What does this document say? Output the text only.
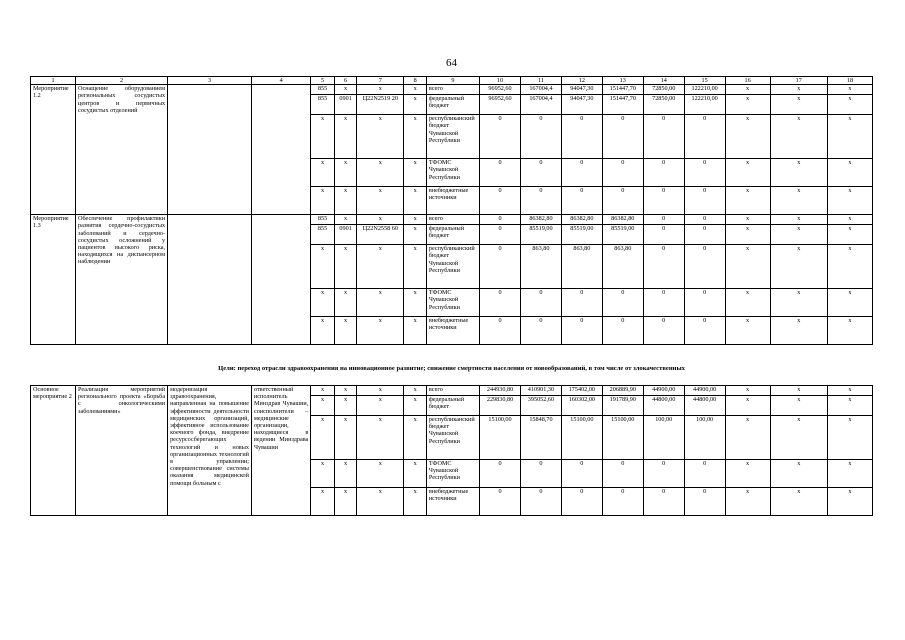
64
1	2	3	4	5	6	7	8	9	10	11	12	13	14	15	16	17	18
Мероприятие 1.2	Оснащение оборудованием региональных сосудистых центров и первичных сосудистых отделений			855	х	х	х	всего	96952,60	167004,4	94047,30	151447,70	72850,00	122210,00	х	х	х
				855	0901	Ц22N2519 20	х	федеральный бюджет	96952,60	167004,4	94047,30	151447,70	72850,00	122210,00	х	х	х
				х	х	х	х	республиканский бюджет Чувашской Республики	0	0	0	0	0	0	х	х	х
				х	х	х	х	ТФОМС Чувашской Республики	0	0	0	0	0	0	х	х	х
				х	х	х	х	внебюджетные источники	0	0	0	0	0	0	х	х	х
Мероприятие 1.3	Обеспечение профилактики развития сердечно-сосудистых заболеваний и сердечно-сосудистых осложнений у пациентов высокого риска, находящихся на диспансерном наблюдении			855	х	х	х	всего	0	86382,80	86382,80	86382,80	0	0	х	х	х
				855	0901	Ц22N2558 60	х	федеральный бюджет	0	85519,00	85519,00	85519,00	0	0	х	х	х
				х	х	х	х	республиканский бюджет Чувашской Республики	0	863,80	863,80	863,80	0	0	х	х	х
				х	х	х	х	ТФОМС Чувашской Республики	0	0	0	0	0	0	х	х	х
				х	х	х	х	внебюджетные источники	0	0	0	0	0	0	х	х	х
Цели: переход отрасли здравоохранения на инновационное развитие; снижение смертности населения от новообразований, в том числе от злокачественных
Основное мероприятие 2	Реализация мероприятий регионального проекта «Борьба с онкологическими заболеваниями»	модернизация здравоохранения, направленная на повышение эффективности деятельности медицинских организаций, эффективное использование коечного фонда, внедрение ресурсосберегающих технологий и новых организационных технологий в управлении; совершенствование системы оказания медицинской помощи больным с	ответственный исполнитель Минздрав Чувашии, соисполнители – медицинские организации, находящиеся в ведении Минздрава Чувашии	х	х	х	х	всего	244930,80	410901,30	175402,00	206889,90	44900,00	44900,00	х	х	х
				х	х	х	х	федеральный бюджет	229830,80	395052,60	160302,00	191789,90	44800,00	44800,00	х	х	х
				х	х	х	х	республиканский бюджет Чувашской Республики	15100,00	15848,70	15100,00	15100,00	100,00	100,00	х	х	х
				х	х	х	х	ТФОМС Чувашской Республики	0	0	0	0	0	0	х	х	х
				х	х	х	х	внебюджетные источники	0	0	0	0	0	0	х	х	х
